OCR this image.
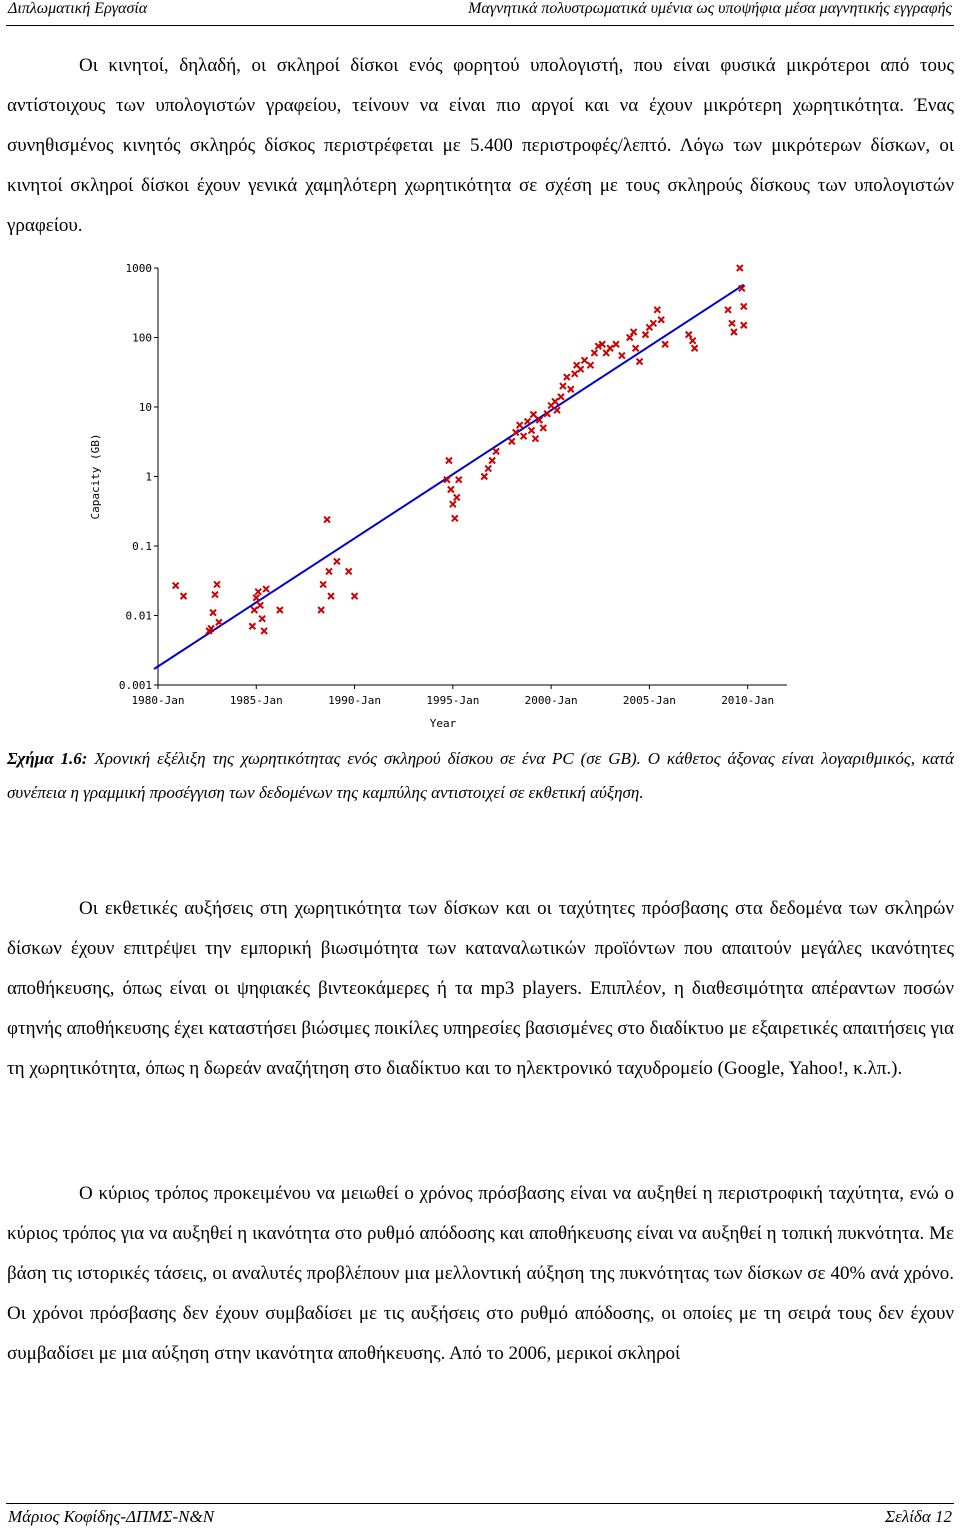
Διπλωματική Εργασία	Μαγνητικά πολυστρωματικά υμένια ως υποψήφια μέσα μαγνητικής εγγραφής

Οι κινητοί, δηλαδή, οι σκληροί δίσκοι ενός φορητού υπολογιστή, που είναι φυσικά μικρότεροι από τους αντίστοιχους των υπολογιστών γραφείου, τείνουν να είναι πιο αργοί και να έχουν μικρότερη χωρητικότητα. Ένας συνηθισμένος κινητός σκληρός δίσκος περιστρέφεται με 5.400 περιστροφές/λεπτό. Λόγω των μικρότερων δίσκων, οι κινητοί σκληροί δίσκοι έχουν γενικά χαμηλότερη χωρητικότητα σε σχέση με τους σκληρούς δίσκους των υπολογιστών γραφείου.

1000
100
10
1
0.1
0.01
0.001
1980-Jan	1985-Jan	1990-Jan	1995-Jan	2000-Jan	2005-Jan	2010-Jan
Year
Capacity (GB)

Σχήμα 1.6: Χρονική εξέλιξη της χωρητικότητας ενός σκληρού δίσκου σε ένα PC (σε GB). Ο κάθετος άξονας είναι λογαριθμικός, κατά συνέπεια η γραμμική προσέγγιση των δεδομένων της καμπύλης αντιστοιχεί σε εκθετική αύξηση.

Οι εκθετικές αυξήσεις στη χωρητικότητα των δίσκων και οι ταχύτητες πρόσβασης στα δεδομένα των σκληρών δίσκων έχουν επιτρέψει την εμπορική βιωσιμότητα των καταναλωτικών προϊόντων που απαιτούν μεγάλες ικανότητες αποθήκευσης, όπως είναι οι ψηφιακές βιντεοκάμερες ή τα mp3 players. Επιπλέον, η διαθεσιμότητα απέραντων ποσών φτηνής αποθήκευσης έχει καταστήσει βιώσιμες ποικίλες υπηρεσίες βασισμένες στο διαδίκτυο με εξαιρετικές απαιτήσεις για τη χωρητικότητα, όπως η δωρεάν αναζήτηση στο διαδίκτυο και το ηλεκτρονικό ταχυδρομείο (Google, Yahoo!, κ.λπ.).

Ο κύριος τρόπος προκειμένου να μειωθεί ο χρόνος πρόσβασης είναι να αυξηθεί η περιστροφική ταχύτητα, ενώ ο κύριος τρόπος για να αυξηθεί η ικανότητα στο ρυθμό απόδοσης και αποθήκευσης είναι να αυξηθεί η τοπική πυκνότητα. Με βάση τις ιστορικές τάσεις, οι αναλυτές προβλέπουν μια μελλοντική αύξηση της πυκνότητας των δίσκων σε 40% ανά χρόνο. Οι χρόνοι πρόσβασης δεν έχουν συμβαδίσει με τις αυξήσεις στο ρυθμό απόδοσης, οι οποίες με τη σειρά τους δεν έχουν συμβαδίσει με μια αύξηση στην ικανότητα αποθήκευσης. Από το 2006, μερικοί σκληροί

Μάριος Κοφίδης-ΔΠΜΣ-Ν&Ν	Σελίδα 12
